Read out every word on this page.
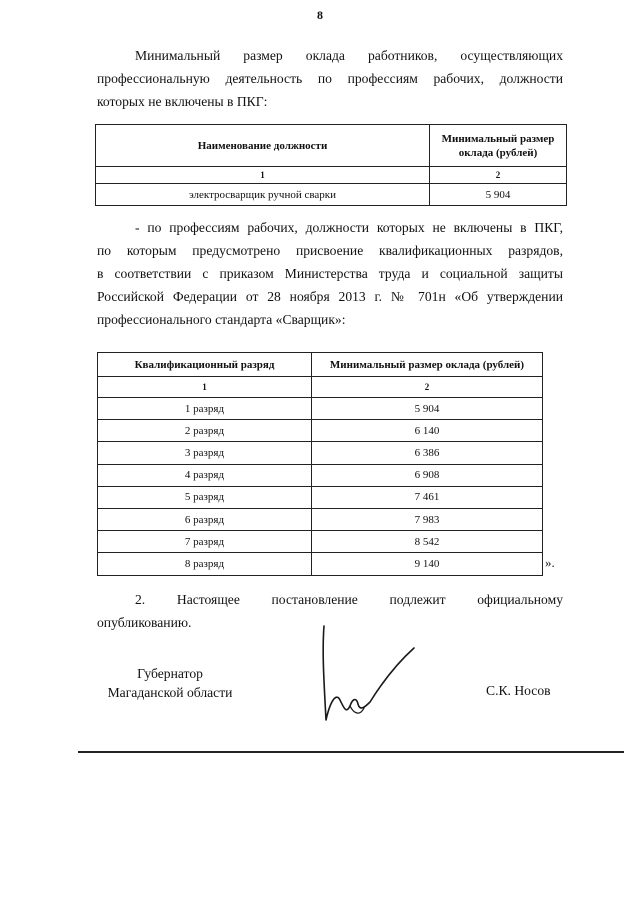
8
Минимальный размер оклада работников, осуществляющих
профессиональную деятельность по профессиям рабочих, должности
которых не включены в ПКГ:
Наименование должности	Минимальный размер оклада (рублей)
1	2
электросварщик ручной сварки	5 904
- по профессиям рабочих, должности которых не включены в ПКГ,
по которым предусмотрено присвоение квалификационных разрядов,
в соответствии с приказом Министерства труда и социальной защиты
Российской Федерации от 28 ноября 2013 г. № 701н «Об утверждении
профессионального стандарта «Сварщик»:
Квалификационный разряд	Минимальный размер оклада (рублей)
1	2
1 разряд	5 904
2 разряд	6 140
3 разряд	6 386
4 разряд	6 908
5 разряд	7 461
6 разряд	7 983
7 разряд	8 542
8 разряд	9 140	».
2. Настоящее постановление подлежит официальному
опубликованию.
Губернатор
Магаданской области	С.К. Носов
